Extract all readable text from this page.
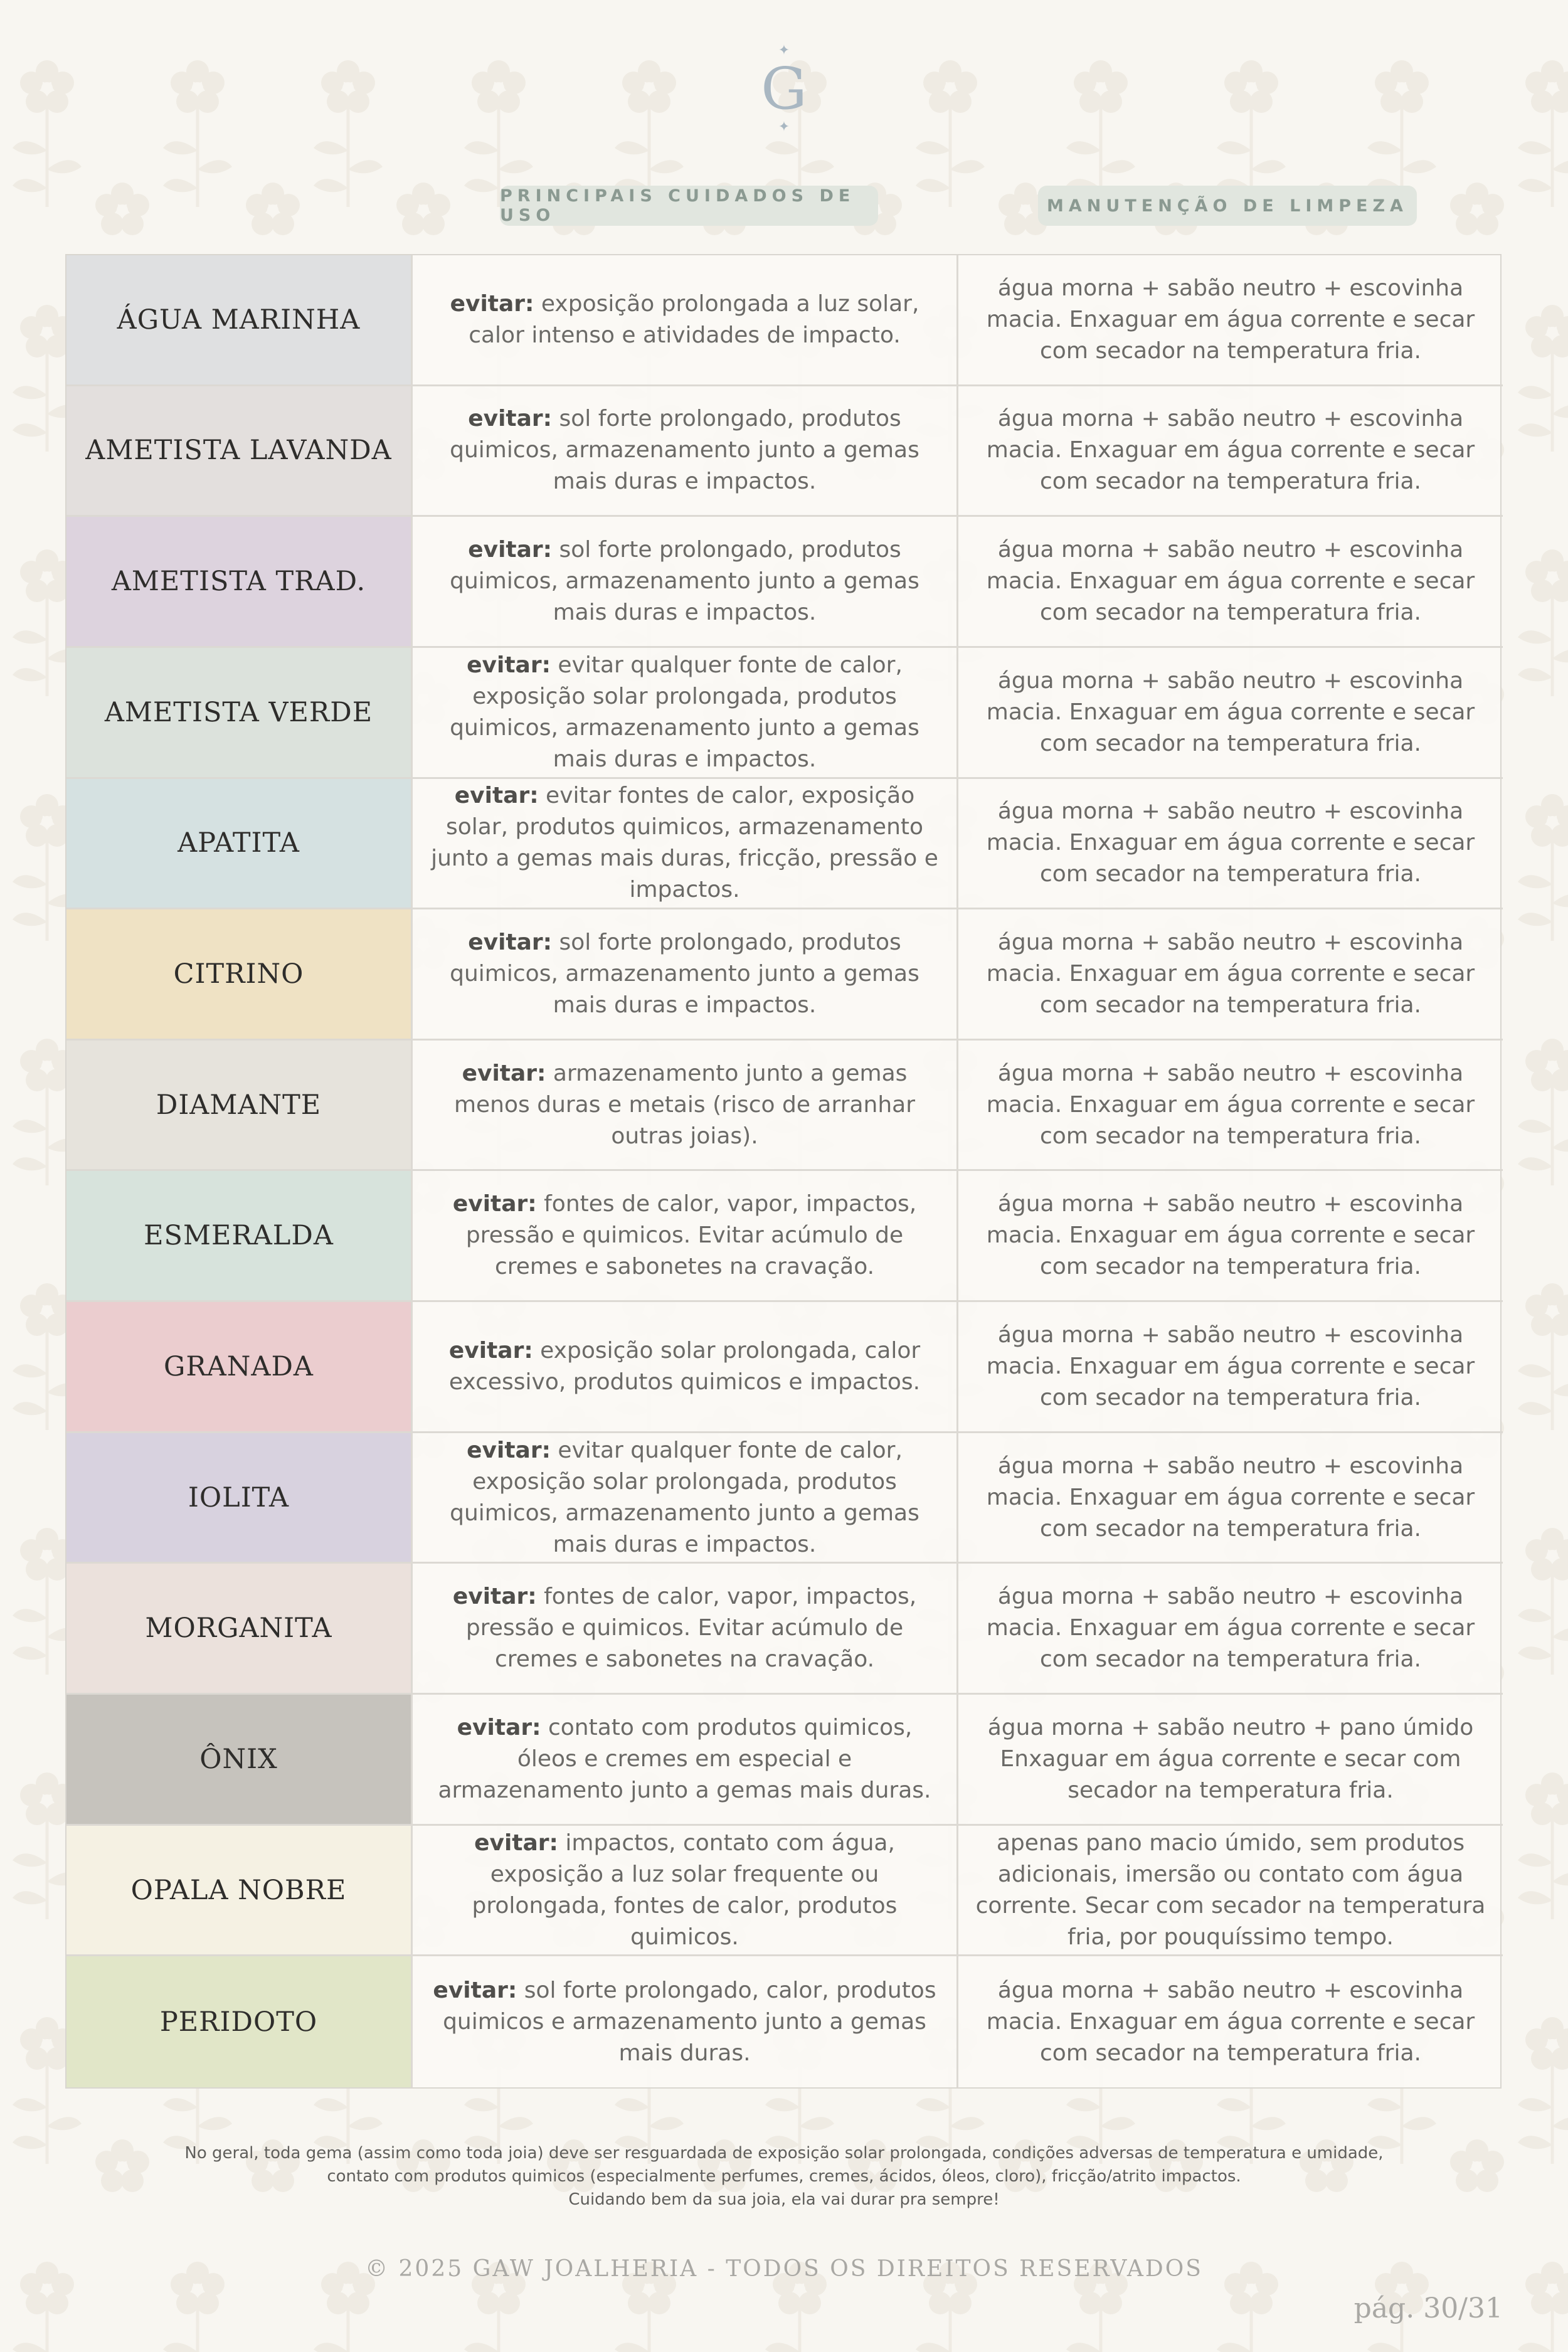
✦
G
✦
PRINCIPAIS CUIDADOS DE USO	MANUTENÇÃO DE LIMPEZA
ÁGUA MARINHA
evitar: exposição prolongada a luz solar, calor intenso e atividades de impacto.
água morna + sabão neutro + escovinha macia. Enxaguar em água corrente e secar com secador na temperatura fria.
AMETISTA LAVANDA
evitar: sol forte prolongado, produtos quimicos, armazenamento junto a gemas mais duras e impactos.
água morna + sabão neutro + escovinha macia. Enxaguar em água corrente e secar com secador na temperatura fria.
AMETISTA TRAD.
evitar: sol forte prolongado, produtos quimicos, armazenamento junto a gemas mais duras e impactos.
água morna + sabão neutro + escovinha macia. Enxaguar em água corrente e secar com secador na temperatura fria.
AMETISTA VERDE
evitar: evitar qualquer fonte de calor, exposição solar prolongada, produtos quimicos, armazenamento junto a gemas mais duras e impactos.
água morna + sabão neutro + escovinha macia. Enxaguar em água corrente e secar com secador na temperatura fria.
APATITA
evitar: evitar fontes de calor, exposição solar, produtos quimicos, armazenamento junto a gemas mais duras, fricção, pressão e impactos.
água morna + sabão neutro + escovinha macia. Enxaguar em água corrente e secar com secador na temperatura fria.
CITRINO
evitar: sol forte prolongado, produtos quimicos, armazenamento junto a gemas mais duras e impactos.
água morna + sabão neutro + escovinha macia. Enxaguar em água corrente e secar com secador na temperatura fria.
DIAMANTE
evitar: armazenamento junto a gemas menos duras e metais (risco de arranhar outras joias).
água morna + sabão neutro + escovinha macia. Enxaguar em água corrente e secar com secador na temperatura fria.
ESMERALDA
evitar: fontes de calor, vapor, impactos, pressão e quimicos. Evitar acúmulo de cremes e sabonetes na cravação.
água morna + sabão neutro + escovinha macia. Enxaguar em água corrente e secar com secador na temperatura fria.
GRANADA
evitar: exposição solar prolongada, calor excessivo, produtos quimicos e impactos.
água morna + sabão neutro + escovinha macia. Enxaguar em água corrente e secar com secador na temperatura fria.
IOLITA
evitar: evitar qualquer fonte de calor, exposição solar prolongada, produtos quimicos, armazenamento junto a gemas mais duras e impactos.
água morna + sabão neutro + escovinha macia. Enxaguar em água corrente e secar com secador na temperatura fria.
MORGANITA
evitar: fontes de calor, vapor, impactos, pressão e quimicos. Evitar acúmulo de cremes e sabonetes na cravação.
água morna + sabão neutro + escovinha macia. Enxaguar em água corrente e secar com secador na temperatura fria.
ÔNIX
evitar: contato com produtos quimicos, óleos e cremes em especial e armazenamento junto a gemas mais duras.
água morna + sabão neutro + pano úmido Enxaguar em água corrente e secar com secador na temperatura fria.
OPALA NOBRE
evitar: impactos, contato com água, exposição a luz solar frequente ou prolongada, fontes de calor, produtos quimicos.
apenas pano macio úmido, sem produtos adicionais, imersão ou contato com água corrente. Secar com secador na temperatura fria, por pouquíssimo tempo.
PERIDOTO
evitar: sol forte prolongado, calor, produtos quimicos e armazenamento junto a gemas mais duras.
água morna + sabão neutro + escovinha macia. Enxaguar em água corrente e secar com secador na temperatura fria.
No geral, toda gema (assim como toda joia) deve ser resguardada de exposição solar prolongada, condições adversas de temperatura e umidade,
contato com produtos quimicos (especialmente perfumes, cremes, ácidos, óleos, cloro), fricção/atrito impactos.
Cuidando bem da sua joia, ela vai durar pra sempre!
© 2025 GAW JOALHERIA - TODOS OS DIREITOS RESERVADOS
pág. 30/31
